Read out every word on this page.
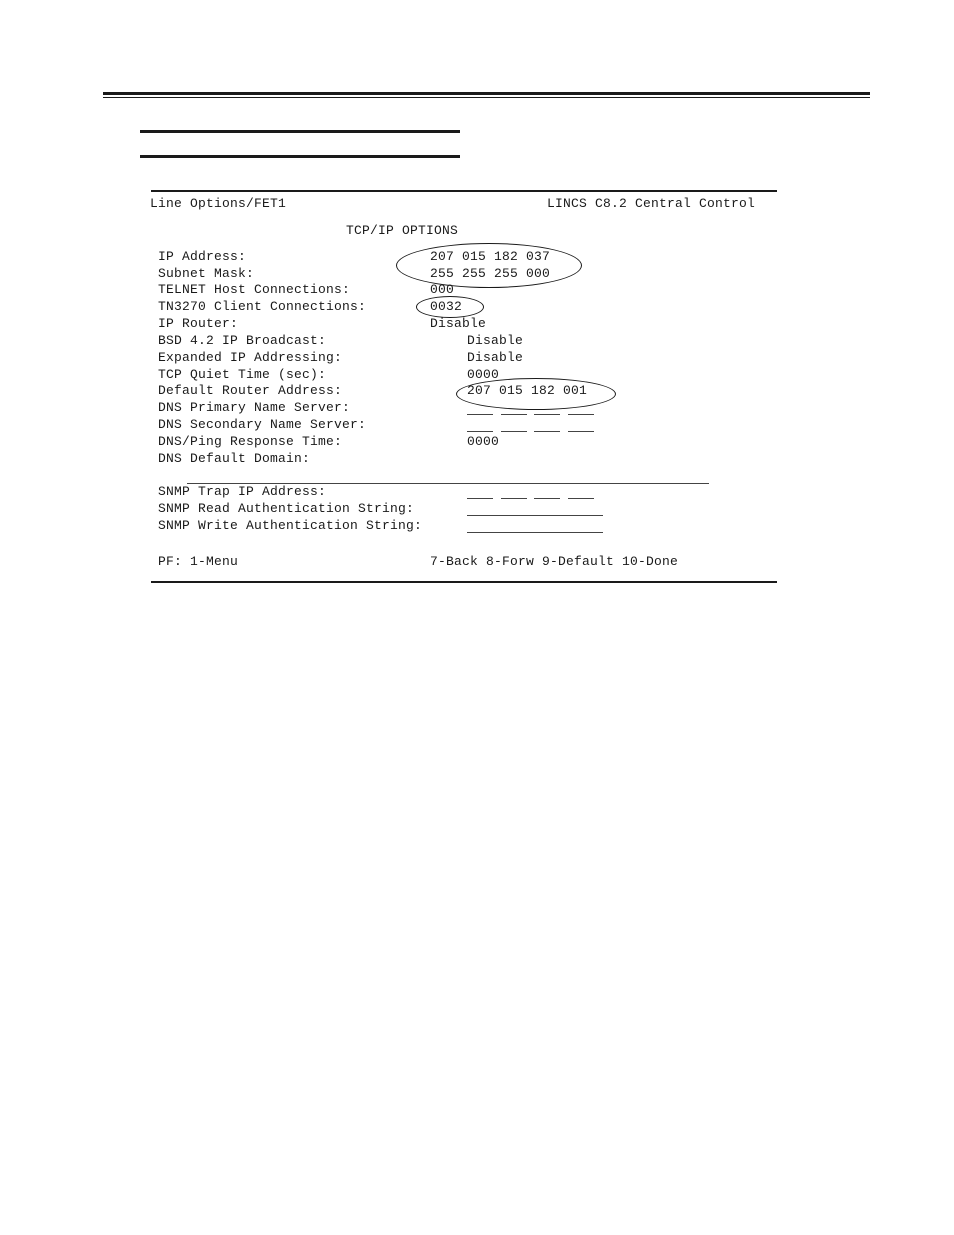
Line Options/FET1	LINCS C8.2 Central Control
TCP/IP OPTIONS
IP Address:
Subnet Mask:
TELNET Host Connections:
TN3270 Client Connections:
IP Router:
BSD 4.2 IP Broadcast:
Expanded IP Addressing:
TCP Quiet Time (sec):
Default Router Address:
DNS Primary Name Server:
DNS Secondary Name Server:
DNS/Ping Response Time:
DNS Default Domain:
207 015 182 037
255 255 255 000
000
0032
Disable
Disable
Disable
0000
207 015 182 001
0000
SNMP Trap IP Address:
SNMP Read Authentication String:
SNMP Write Authentication String:
PF: 1-Menu	7-Back 8-Forw 9-Default 10-Done
